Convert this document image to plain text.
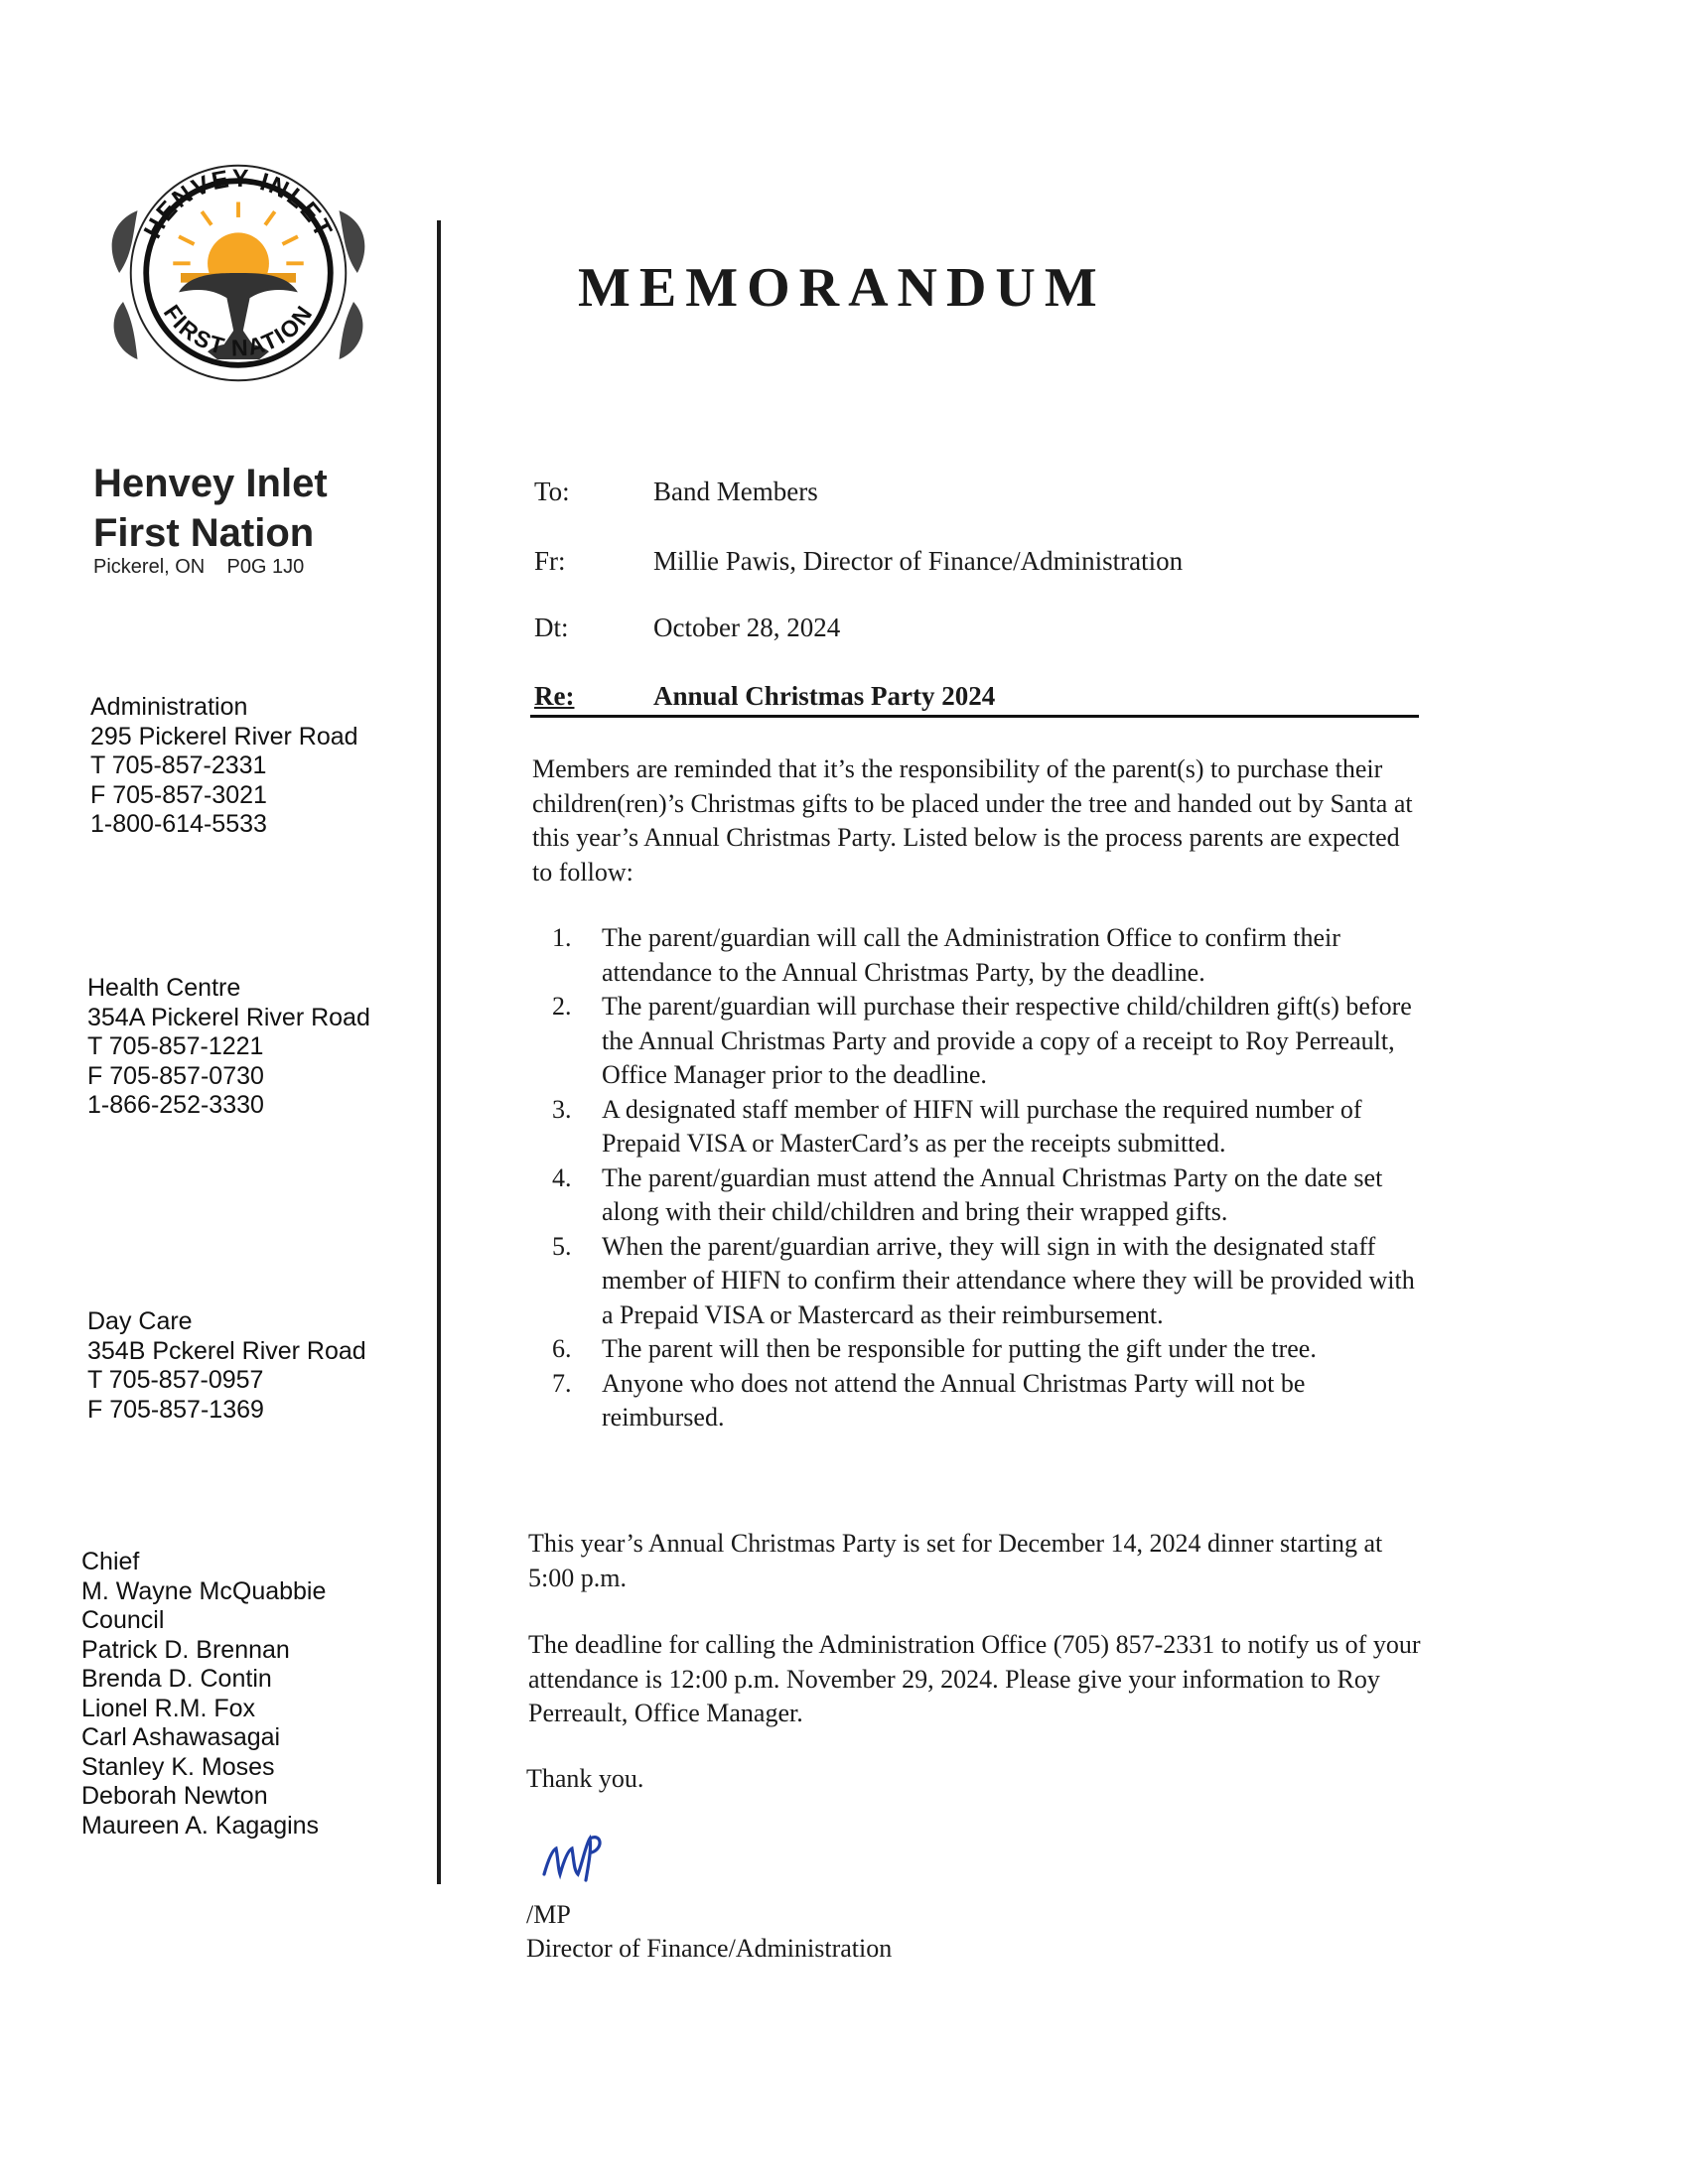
HENVEY INLET
FIRST NATION
Henvey Inlet
First Nation
Pickerel, ON    P0G 1J0
Administration
295 Pickerel River Road
T 705-857-2331
F 705-857-3021
1-800-614-5533
Health Centre
354A Pickerel River Road
T 705-857-1221
F 705-857-0730
1-866-252-3330
Day Care
354B Pckerel River Road
T 705-857-0957
F 705-857-1369
Chief
M. Wayne McQuabbie
Council
Patrick D. Brennan
Brenda D. Contin
Lionel R.M. Fox
Carl Ashawasagai
Stanley K. Moses
Deborah Newton
Maureen A. Kagagins
MEMORANDUM
To:	Band Members
Fr:	Millie Pawis, Director of Finance/Administration
Dt:	October 28, 2024
Re:	Annual Christmas Party 2024
Members are reminded that it’s the responsibility of the parent(s) to purchase their children(ren)’s Christmas gifts to be placed under the tree and handed out by Santa at this year’s Annual Christmas Party. Listed below is the process parents are expected to follow:
1.	The parent/guardian will call the Administration Office to confirm their attendance to the Annual Christmas Party, by the deadline.
2.	The parent/guardian will purchase their respective child/children gift(s) before the Annual Christmas Party and provide a copy of a receipt to Roy Perreault, Office Manager prior to the deadline.
3.	A designated staff member of HIFN will purchase the required number of Prepaid VISA or MasterCard’s as per the receipts submitted.
4.	The parent/guardian must attend the Annual Christmas Party on the date set along with their child/children and bring their wrapped gifts.
5.	When the parent/guardian arrive, they will sign in with the designated staff member of HIFN to confirm their attendance where they will be provided with a Prepaid VISA or Mastercard as their reimbursement.
6.	The parent will then be responsible for putting the gift under the tree.
7.	Anyone who does not attend the Annual Christmas Party will not be reimbursed.
This year’s Annual Christmas Party is set for December 14, 2024 dinner starting at 5:00 p.m.
The deadline for calling the Administration Office (705) 857-2331 to notify us of your attendance is 12:00 p.m. November 29, 2024. Please give your information to Roy Perreault, Office Manager.
Thank you.
/MP
Director of Finance/Administration
